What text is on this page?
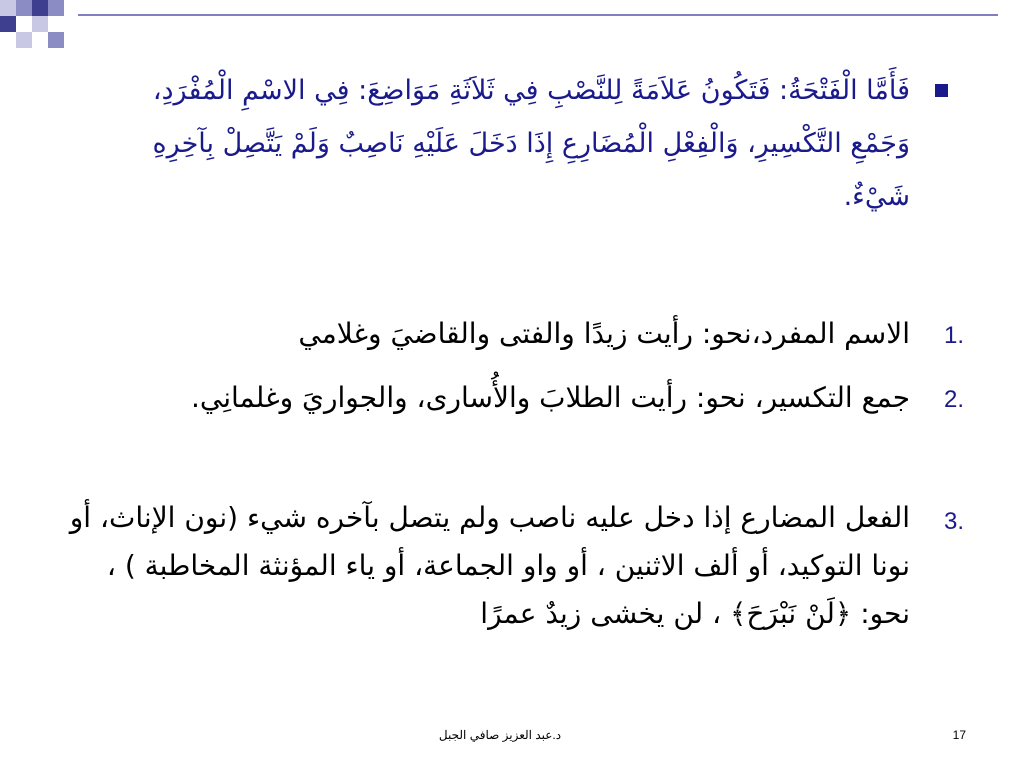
فَأَمَّا الْفَتْحَةُ: فَتَكُونُ عَلاَمَةً لِلنَّصْبِ فِي ثَلاَثَةِ مَوَاضِعَ: فِي الاسْمِ الْمُفْرَدِ، وَجَمْعِ التَّكْسِيرِ، وَالْفِعْلِ الْمُضَارِعِ إِذَا دَخَلَ عَلَيْهِ نَاصِبٌ وَلَمْ يَتَّصِلْ بِآخِرِهِ شَيْءٌ.
1.
الاسم المفرد،نحو: رأيت زيدًا والفتى والقاضيَ وغلامي
2.
جمع التكسير، نحو: رأيت الطلابَ والأُسارى، والجواريَ وغلمانِي.
3.
الفعل المضارع إذا دخل عليه ناصب ولم يتصل بآخره شيء (نون الإناث، أو نونا التوكيد، أو ألف الاثنين ، أو واو الجماعة، أو ياء المؤنثة المخاطبة ) ، نحو: ﴿لَنْ نَبْرَحَ﴾ ، لن يخشى زيدٌ عمرًا
د.عبد العزيز صافي الجبل	17
